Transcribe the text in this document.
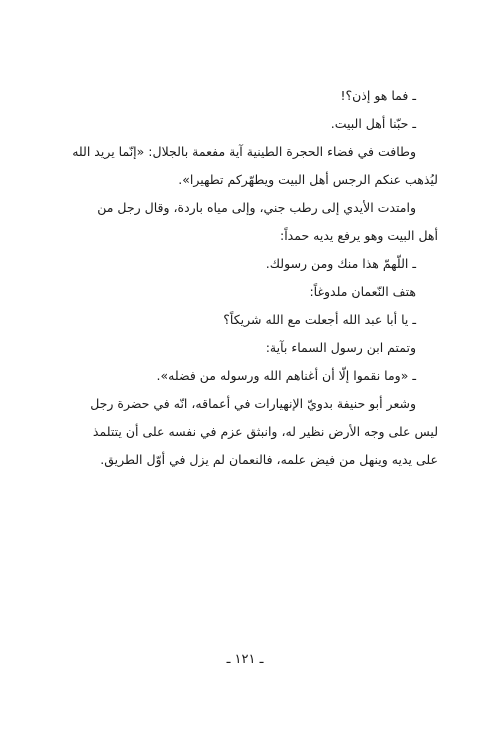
ـ فما هو إذن؟!
ـ حبّنا أهل البيت.
وطافت في فضاء الحجرة الطينية آية مفعمة بالجلال: «إنّما يريد الله
ليُذهب عنكم الرجس أهل البيت ويطهّركم تطهيرا».
وامتدت الأيدي إلى رطب جني، وإلى مياه باردة، وقال رجل من
أهل البيت وهو يرفع يديه حمداً:
ـ اللّهمّ هذا منك ومن رسولك.
هتف النّعمان ملدوغاً:
ـ يا أبا عبد الله أجعلت مع الله شريكاً؟
وتمتم ابن رسول السماء بآية:
ـ «وما نقموا إلّا أن أغناهم الله ورسوله من فضله».
وشعر أبو حنيفة بدويّ الإنهيارات في أعماقه، انّه في حضرة رجل
ليس على وجه الأرض نظير له، وانبثق عزم في نفسه على أن يتتلمذ
على يديه وينهل من فيض علمه، فالنعمان لم يزل في أوّل الطريق.
ـ ١٢١ ـ
